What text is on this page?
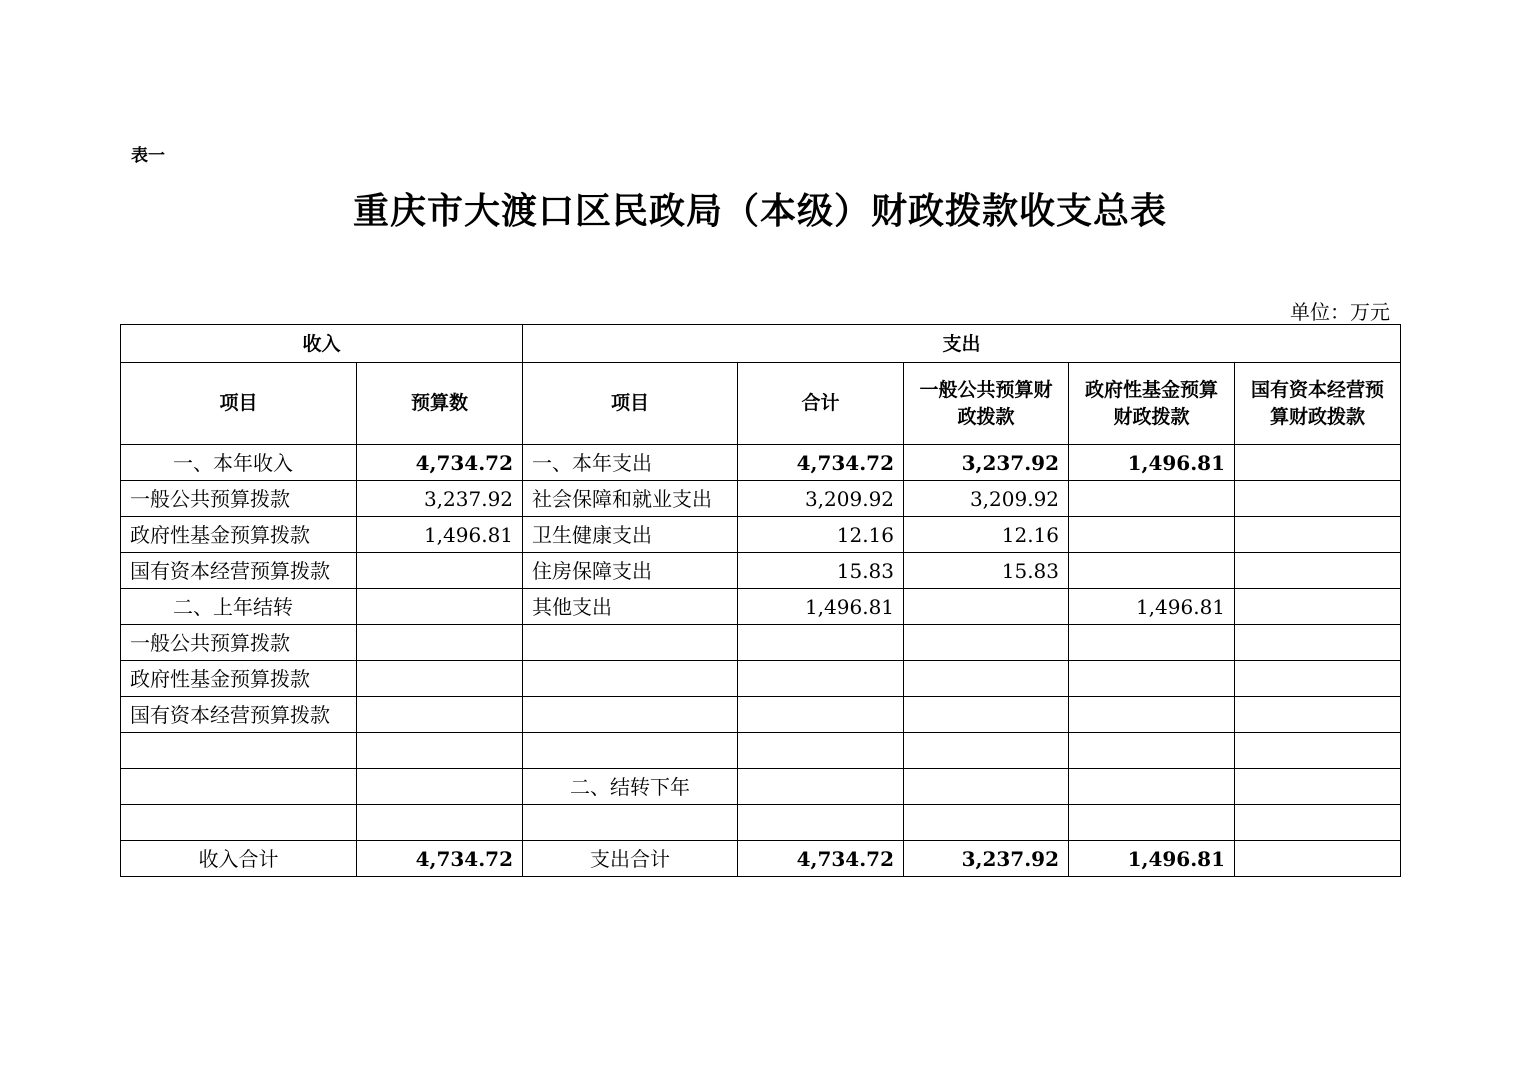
表一
重庆市大渡口区民政局（本级）财政拨款收支总表
单位：万元
收入		支出				
项目	预算数	项目	合计	一般公共预算财政拨款	政府性基金预算财政拨款	国有资本经营预算财政拨款
一、本年收入	4,734.72	一、本年支出	4,734.72	3,237.92	1,496.81	
一般公共预算拨款	3,237.92	社会保障和就业支出	3,209.92	3,209.92		
政府性基金预算拨款	1,496.81	卫生健康支出	12.16	12.16		
国有资本经营预算拨款		住房保障支出	15.83	15.83		
二、上年结转		其他支出	1,496.81		1,496.81	
一般公共预算拨款						
政府性基金预算拨款						
国有资本经营预算拨款						

		二、结转下年				

收入合计	4,734.72	支出合计	4,734.72	3,237.92	1,496.81	
